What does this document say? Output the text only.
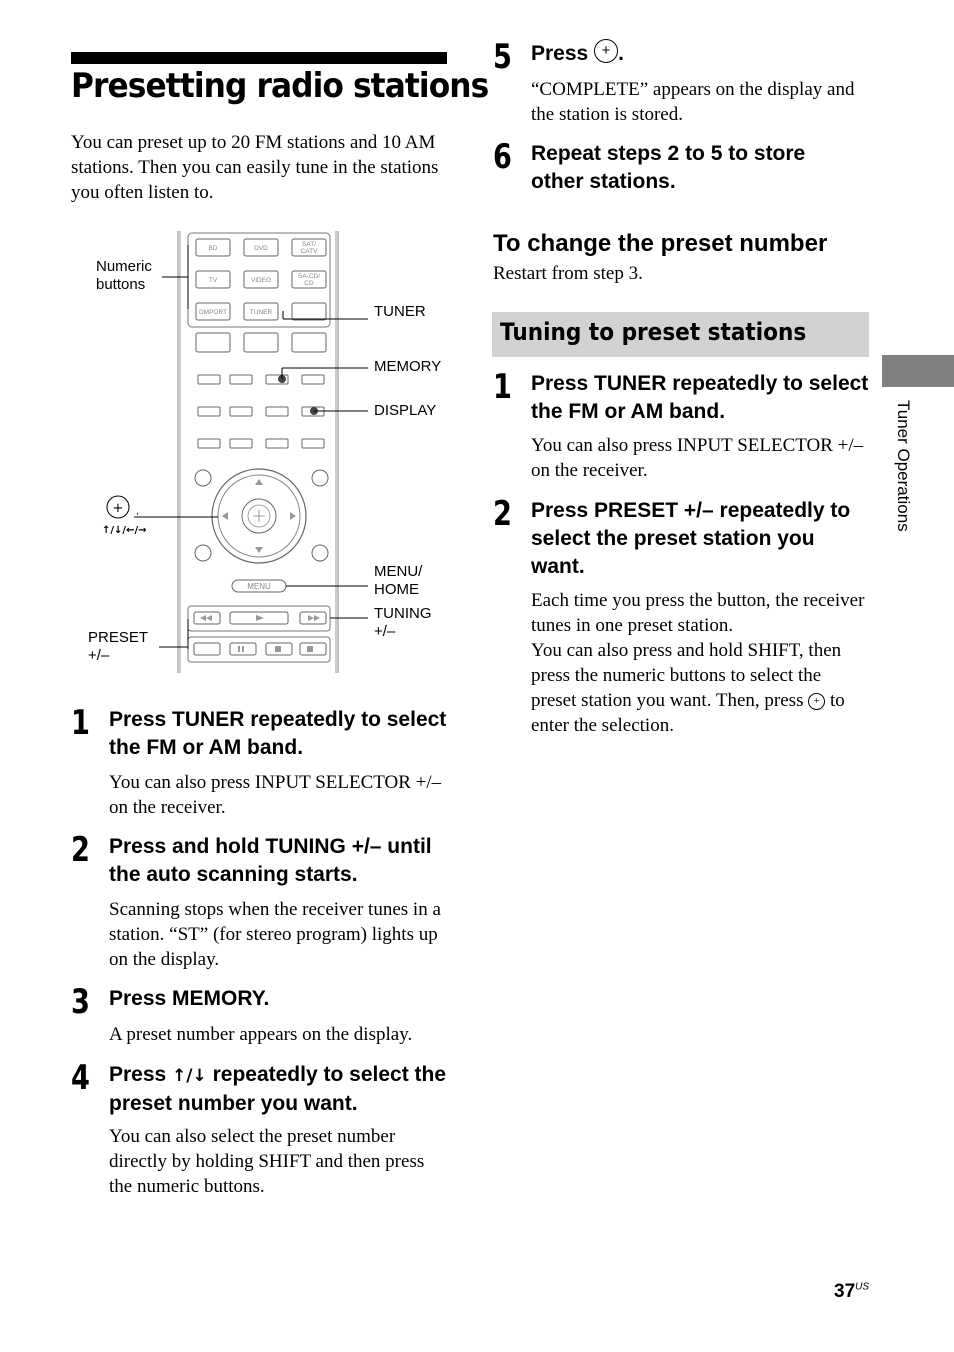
Presetting radio stations
You can preset up to 20 FM stations and 10 AM stations. Then you can easily tune in the stations you often listen to.
BD	DVD
SAT/
CATV
TV	VIDEO
SA-CD/
CD
DMPORT	TUNER
MENU
+ ,
↑/↓/←/→
Numeric buttons
TUNER
MEMORY
DISPLAY
MENU/ HOME
TUNING +/–
PRESET +/–
1 Press TUNER repeatedly to select the FM or AM band.
You can also press INPUT SELECTOR +/– on the receiver.
2 Press and hold TUNING +/– until the auto scanning starts.
Scanning stops when the receiver tunes in a station. “ST” (for stereo program) lights up on the display.
3 Press MEMORY.
A preset number appears on the display.
4 Press ↑/↓ repeatedly to select the preset number you want.
You can also select the preset number directly by holding SHIFT and then press the numeric buttons.
5 Press + .
“COMPLETE” appears on the display and the station is stored.
6 Repeat steps 2 to 5 to store other stations.
To change the preset number
Restart from step 3.
Tuning to preset stations
1 Press TUNER repeatedly to select the FM or AM band.
You can also press INPUT SELECTOR +/– on the receiver.
2 Press PRESET +/– repeatedly to select the preset station you want.
Each time you press the button, the receiver tunes in one preset station.
You can also press and hold SHIFT, then press the numeric buttons to select the preset station you want. Then, press + to enter the selection.
Tuner Operations
$37^{US}$
